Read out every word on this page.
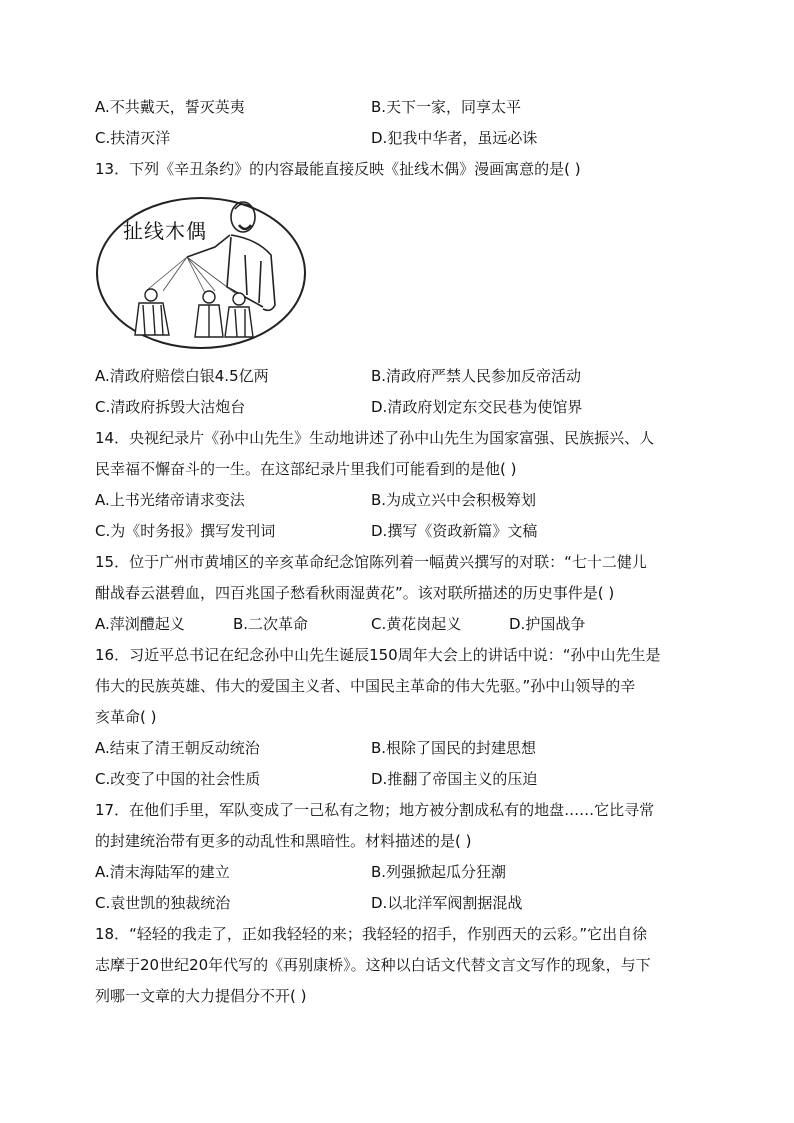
A.不共戴天，誓灭英夷	B.天下一家，同享太平
C.扶清灭洋	D.犯我中华者，虽远必诛
13．下列《辛丑条约》的内容最能直接反映《扯线木偶》漫画寓意的是( )
扯线木偶
A.清政府赔偿白银4.5亿两	B.清政府严禁人民参加反帝活动
C.清政府拆毁大沽炮台	D.清政府划定东交民巷为使馆界
14．央视纪录片《孙中山先生》生动地讲述了孙中山先生为国家富强、民族振兴、人
民幸福不懈奋斗的一生。在这部纪录片里我们可能看到的是他( )
A.上书光绪帝请求变法	B.为成立兴中会积极筹划
C.为《时务报》撰写发刊词	D.撰写《资政新篇》文稿
15．位于广州市黄埔区的辛亥革命纪念馆陈列着一幅黄兴撰写的对联：“七十二健儿
酣战春云湛碧血，四百兆国子愁看秋雨湿黄花”。该对联所描述的历史事件是( )
A.萍浏醴起义	B.二次革命	C.黄花岗起义	D.护国战争
16．习近平总书记在纪念孙中山先生诞辰150周年大会上的讲话中说：“孙中山先生是
伟大的民族英雄、伟大的爱国主义者、中国民主革命的伟大先驱。”孙中山领导的辛
亥革命( )
A.结束了清王朝反动统治	B.根除了国民的封建思想
C.改变了中国的社会性质	D.推翻了帝国主义的压迫
17．在他们手里，军队变成了一己私有之物；地方被分割成私有的地盘……它比寻常
的封建统治带有更多的动乱性和黑暗性。材料描述的是( )
A.清末海陆军的建立	B.列强掀起瓜分狂潮
C.袁世凯的独裁统治	D.以北洋军阀割据混战
18．“轻轻的我走了，正如我轻轻的来；我轻轻的招手，作别西天的云彩。”它出自徐
志摩于20世纪20年代写的《再别康桥》。这种以白话文代替文言文写作的现象，与下
列哪一文章的大力提倡分不开( )
